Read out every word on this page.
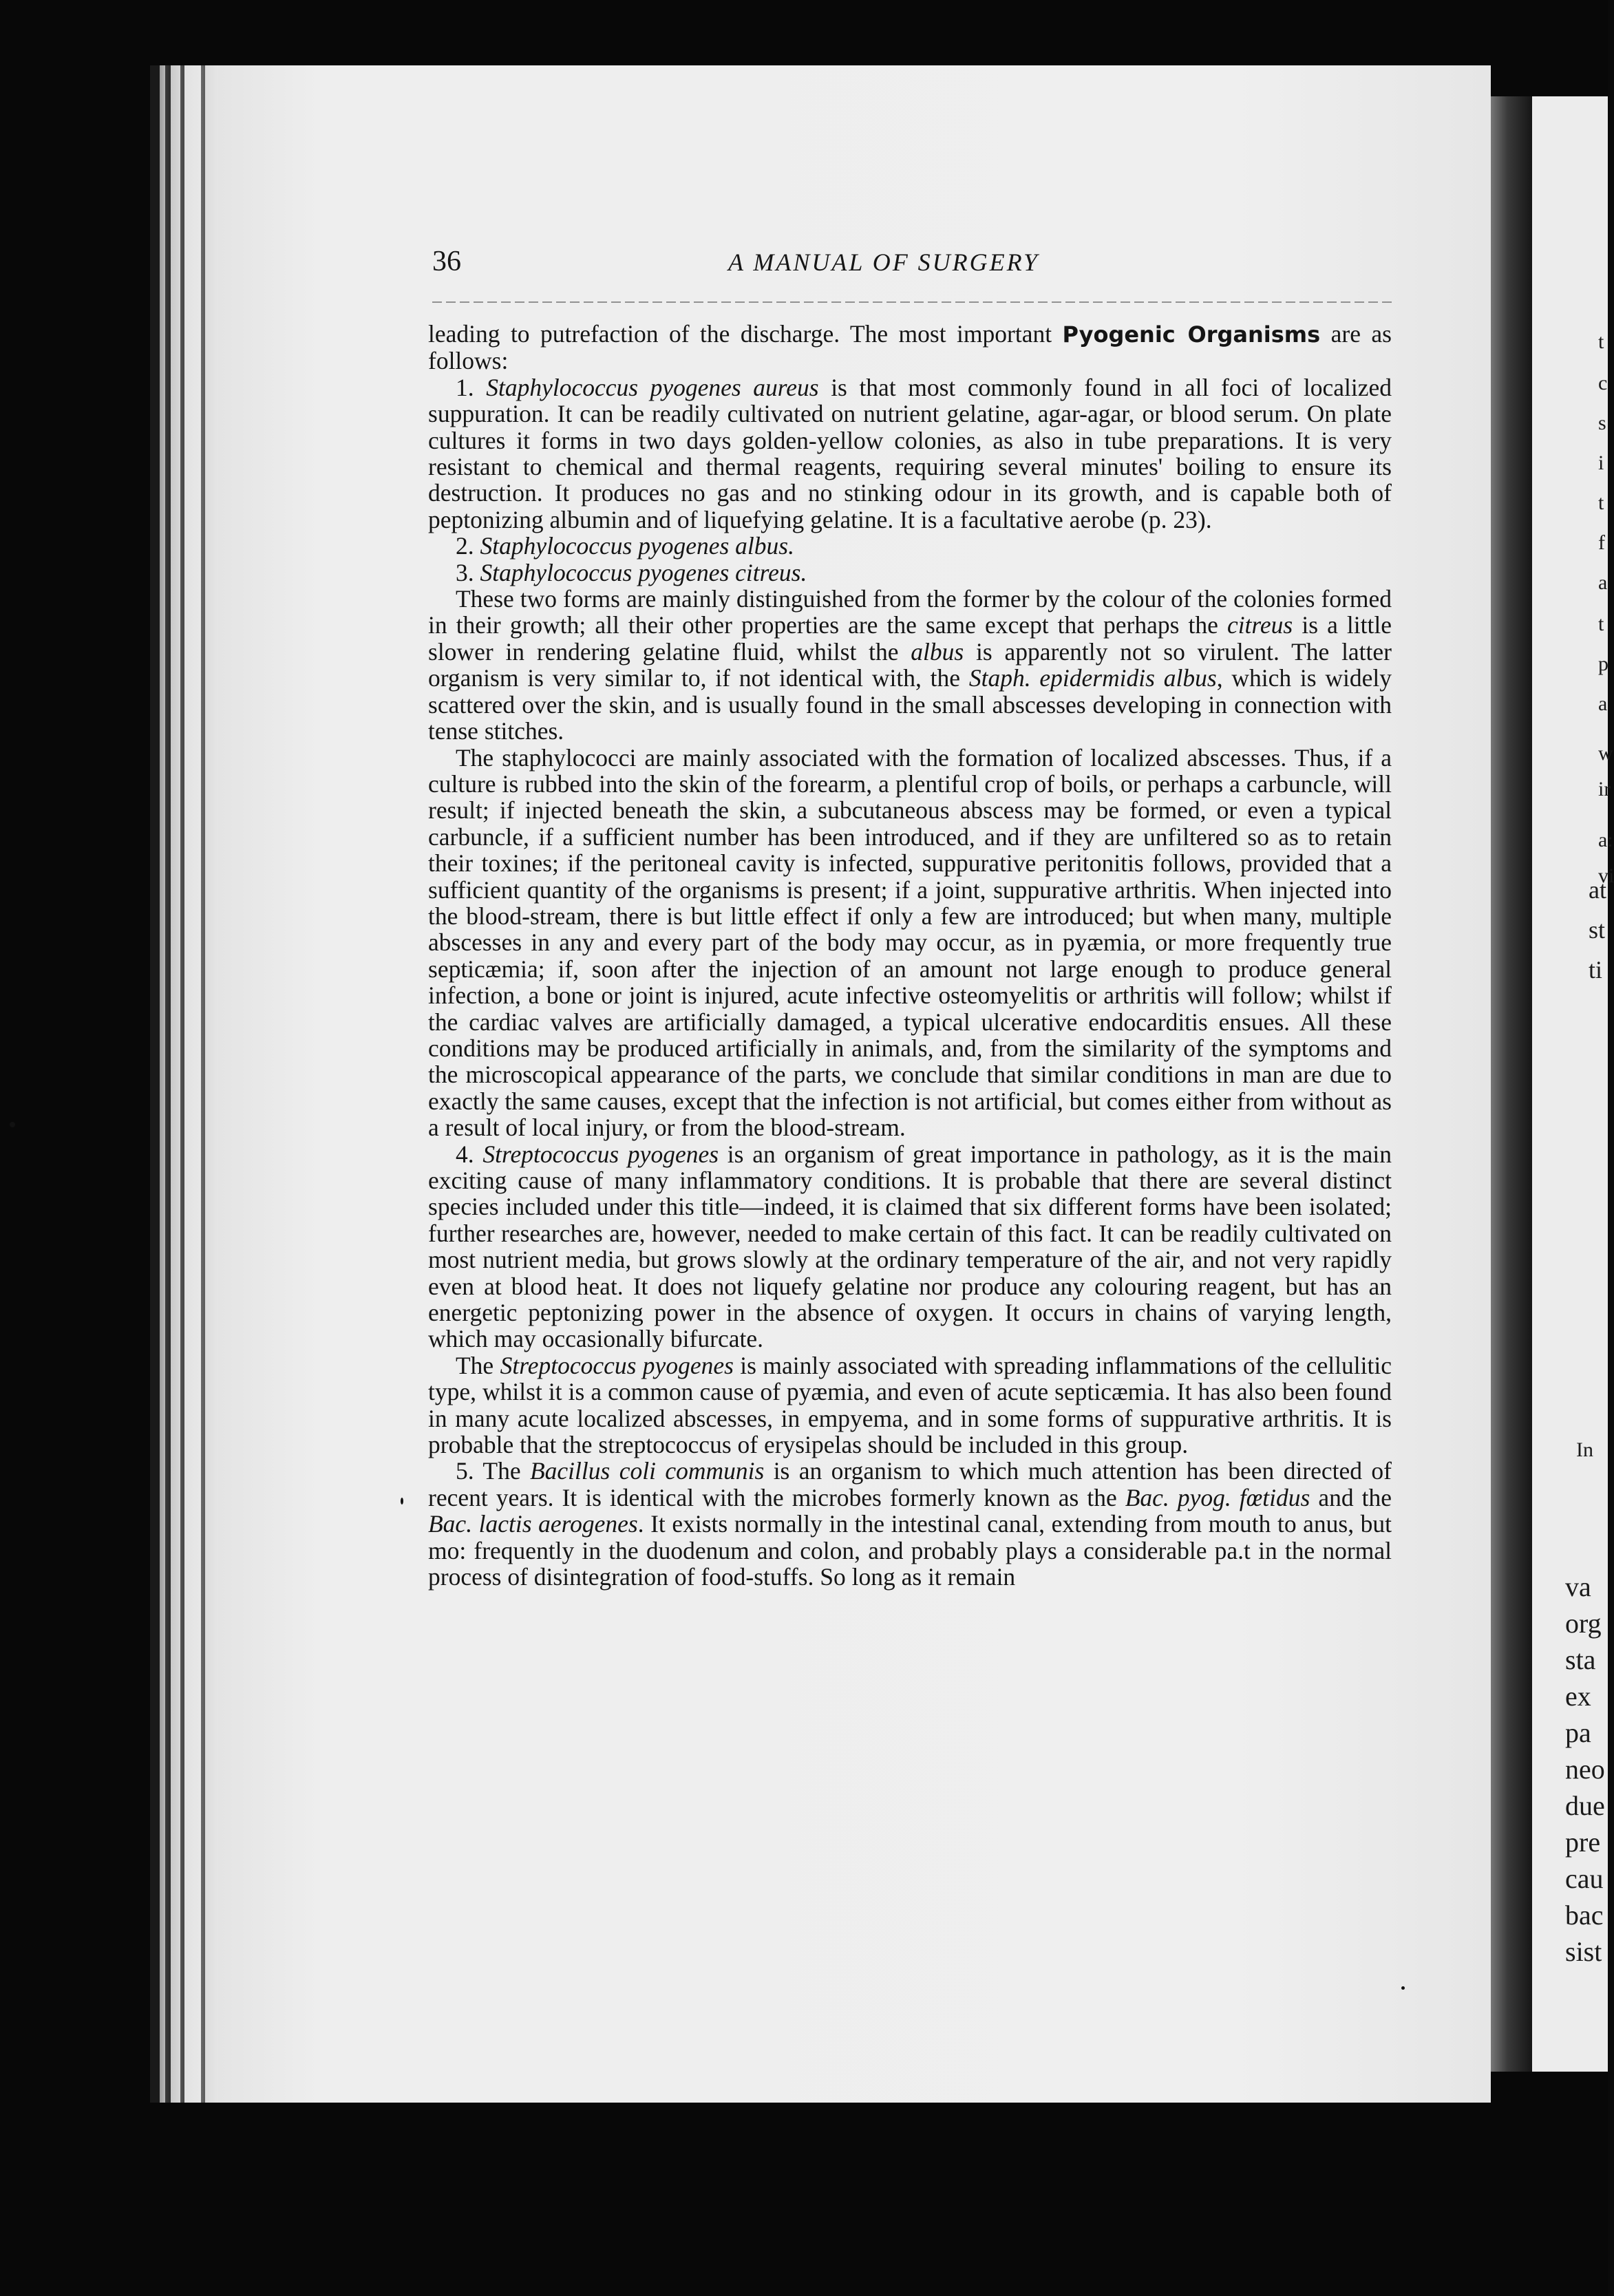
t
c
s
i
t
f
a
t
p
a
w
ir
a:
vi
at
st
ti
In
va
org
sta
ex
pa
neo
due
pre
cau
bac
sist
36	A MANUAL OF SURGERY

leading to putrefaction of the discharge. The most important Pyogenic Organisms are as follows:

1. Staphylococcus pyogenes aureus is that most commonly found in all foci of localized suppuration. It can be readily cultivated on nutrient gelatine, agar-agar, or blood serum. On plate cultures it forms in two days golden-yellow colonies, as also in tube preparations. It is very resistant to chemical and thermal reagents, requiring several minutes' boiling to ensure its destruction. It produces no gas and no stinking odour in its growth, and is capable both of peptonizing albumin and of liquefying gelatine. It is a facultative aerobe (p. 23).

2. Staphylococcus pyogenes albus.

3. Staphylococcus pyogenes citreus.

These two forms are mainly distinguished from the former by the colour of the colonies formed in their growth; all their other properties are the same except that perhaps the citreus is a little slower in rendering gelatine fluid, whilst the albus is apparently not so virulent. The latter organism is very similar to, if not identical with, the Staph. epidermidis albus, which is widely scattered over the skin, and is usually found in the small abscesses developing in connection with tense stitches.

The staphylococci are mainly associated with the formation of localized abscesses. Thus, if a culture is rubbed into the skin of the forearm, a plentiful crop of boils, or perhaps a carbuncle, will result; if injected beneath the skin, a subcutaneous abscess may be formed, or even a typical carbuncle, if a sufficient number has been introduced, and if they are unfiltered so as to retain their toxines; if the peritoneal cavity is infected, suppurative peritonitis follows, provided that a sufficient quantity of the organisms is present; if a joint, suppurative arthritis. When injected into the blood-stream, there is but little effect if only a few are introduced; but when many, multiple abscesses in any and every part of the body may occur, as in pyæmia, or more frequently true septicæmia; if, soon after the injection of an amount not large enough to produce general infection, a bone or joint is injured, acute infective osteomyelitis or arthritis will follow; whilst if the cardiac valves are artificially damaged, a typical ulcerative endocarditis ensues. All these conditions may be produced artificially in animals, and, from the similarity of the symptoms and the microscopical appearance of the parts, we conclude that similar conditions in man are due to exactly the same causes, except that the infection is not artificial, but comes either from without as a result of local injury, or from the blood-stream.

4. Streptococcus pyogenes is an organism of great importance in pathology, as it is the main exciting cause of many inflammatory conditions. It is probable that there are several distinct species included under this title—indeed, it is claimed that six different forms have been isolated; further researches are, however, needed to make certain of this fact. It can be readily cultivated on most nutrient media, but grows slowly at the ordinary temperature of the air, and not very rapidly even at blood heat. It does not liquefy gelatine nor produce any colouring reagent, but has an energetic peptonizing power in the absence of oxygen. It occurs in chains of varying length, which may occasionally bifurcate.

The Streptococcus pyogenes is mainly associated with spreading inflammations of the cellulitic type, whilst it is a common cause of pyæmia, and even of acute septicæmia. It has also been found in many acute localized abscesses, in empyema, and in some forms of suppurative arthritis. It is probable that the streptococcus of erysipelas should be included in this group.

5. The Bacillus coli communis is an organism to which much attention has been directed of recent years. It is identical with the microbes formerly known as the Bac. pyog. fœtidus and the Bac. lactis aerogenes. It exists normally in the intestinal canal, extending from mouth to anus, but mo: frequently in the duodenum and colon, and probably plays a considerable pa.t in the normal process of disintegration of food-stuffs. So long as it remain
